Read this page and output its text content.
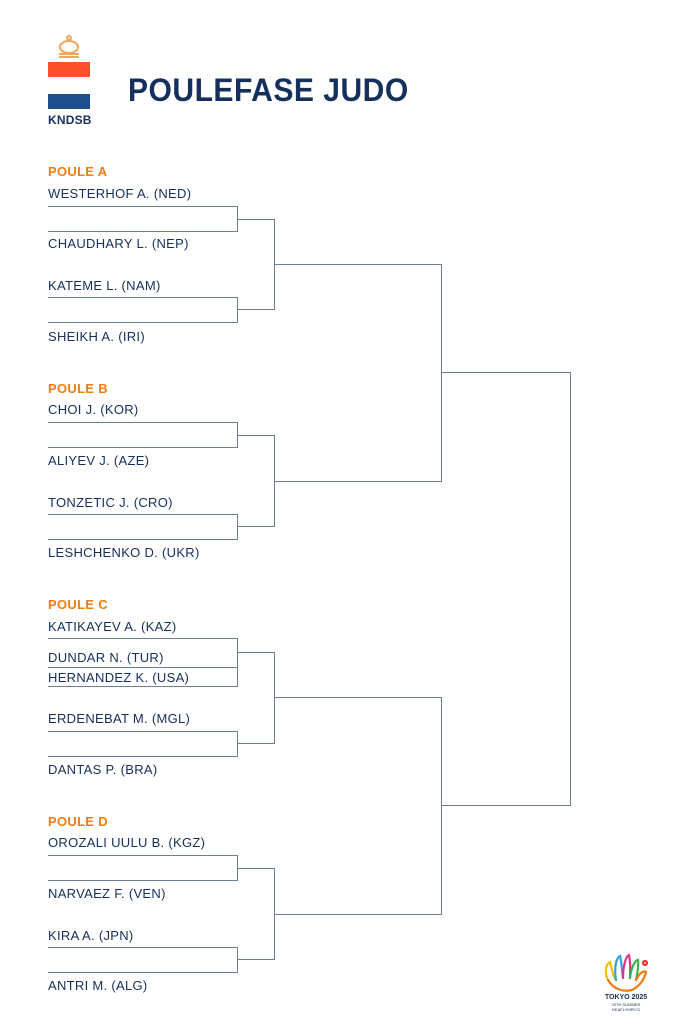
KNDSB
POULEFASE JUDO
POULE A
POULE B
POULE C
POULE D
WESTERHOF A. (NED)
CHAUDHARY L. (NEP)
KATEME L. (NAM)
SHEIKH A. (IRI)
CHOI J. (KOR)
ALIYEV J. (AZE)
TONZETIC J. (CRO)
LESHCHENKO D. (UKR)
KATIKAYEV A. (KAZ)
DUNDAR N. (TUR)
HERNANDEZ K. (USA)
ERDENEBAT M. (MGL)
DANTAS P. (BRA)
OROZALI UULU B. (KGZ)
NARVAEZ F. (VEN)
KIRA A. (JPN)
ANTRI M. (ALG)
TOKYO 2025
20TH SUMMER DEAFLYMPICS
